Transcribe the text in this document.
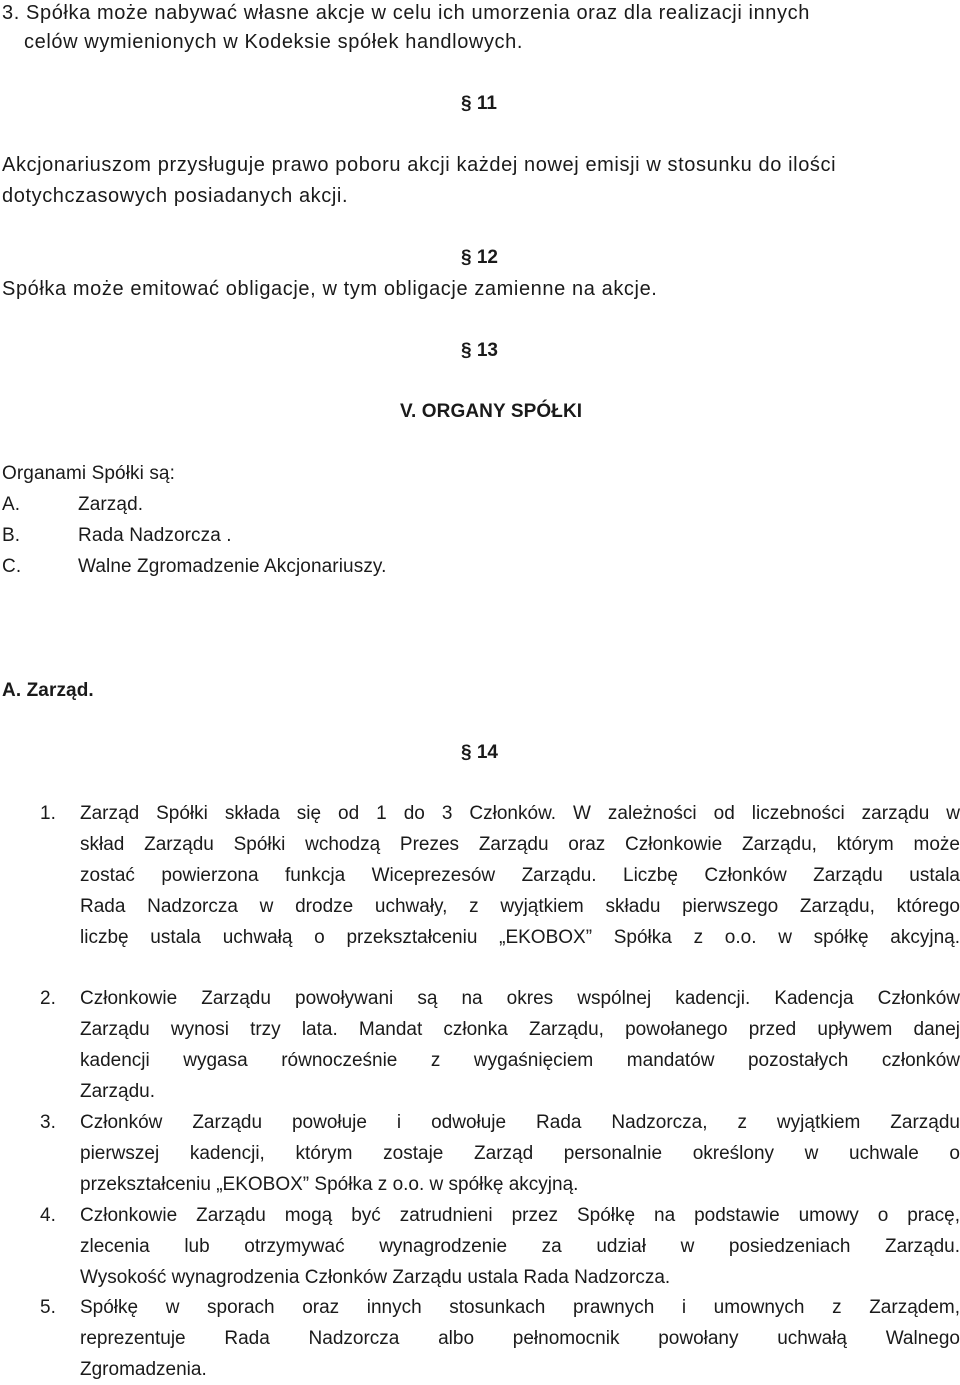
3. Spółka może nabywać własne akcje w celu ich umorzenia oraz dla realizacji innych
celów wymienionych w Kodeksie spółek handlowych.
§ 11
Akcjonariuszom przysługuje prawo poboru akcji każdej nowej emisji w stosunku do ilości
dotychczasowych posiadanych akcji.
§ 12
Spółka może emitować obligacje, w tym obligacje zamienne na akcje.
§ 13
V. ORGANY SPÓŁKI
Organami Spółki są:
A.	Zarząd.
B.	Rada Nadzorcza .
C.	Walne Zgromadzenie Akcjonariuszy.
A. Zarząd.
§ 14
1.	Zarząd Spółki składa się od 1 do 3 Członków. W zależności od liczebności zarządu w
skład Zarządu Spółki wchodzą Prezes Zarządu oraz Członkowie Zarządu, którym może
zostać powierzona funkcja Wiceprezesów Zarządu. Liczbę Członków Zarządu ustala
Rada Nadzorcza w drodze uchwały, z wyjątkiem składu pierwszego Zarządu, którego
liczbę ustala uchwałą o przekształceniu „EKOBOX” Spółka z o.o. w spółkę akcyjną.
2.	Członkowie Zarządu powoływani są na okres wspólnej kadencji. Kadencja Członków
Zarządu wynosi trzy lata. Mandat członka Zarządu, powołanego przed upływem danej
kadencji wygasa równocześnie z wygaśnięciem mandatów pozostałych członków
Zarządu.
3.	Członków Zarządu powołuje i odwołuje Rada Nadzorcza, z wyjątkiem Zarządu
pierwszej kadencji, którym zostaje Zarząd personalnie określony w uchwale o
przekształceniu „EKOBOX” Spółka z o.o. w spółkę akcyjną.
4.	Członkowie Zarządu mogą być zatrudnieni przez Spółkę na podstawie umowy o pracę,
zlecenia lub otrzymywać wynagrodzenie za udział w posiedzeniach Zarządu.
Wysokość wynagrodzenia Członków Zarządu ustala Rada Nadzorcza.
5.	Spółkę w sporach oraz innych stosunkach prawnych i umownych z Zarządem,
reprezentuje Rada Nadzorcza albo pełnomocnik powołany uchwałą Walnego
Zgromadzenia.
